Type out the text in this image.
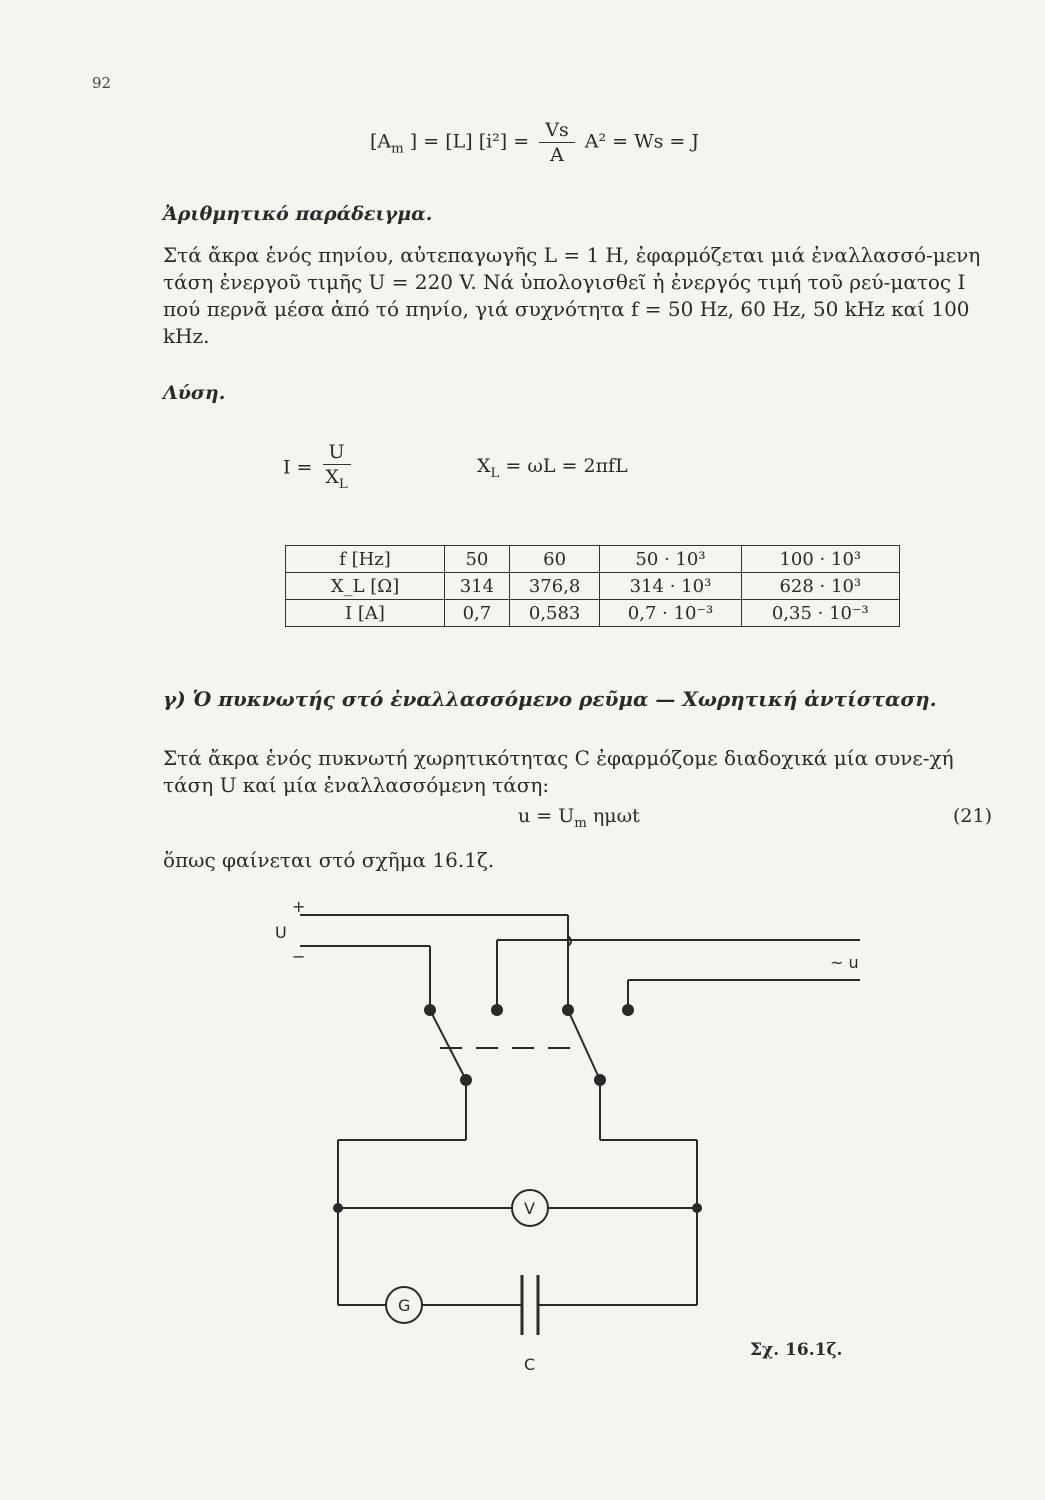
92
[$A_m$ ] = [L] $[i^2] = \frac{Vs}{A} A^2 = Ws = J$
Ἀριθμητικό παράδειγμα.
Στά ἄκρα ἑνός πηνίου, αὐτεπαγωγῆς L = 1 H, ἐφαρμόζεται μιά ἐναλλασσό-μενη τάση ἐνεργοῦ τιμῆς U = 220 V. Νά ὑπολογισθεῖ ἡ ἐνεργός τιμή τοῦ ρεύ-ματος I πού περνᾶ μέσα ἀπό τό πηνίο, γιά συχνότητα f = 50 Hz, 60 Hz, 50 kHz καί 100 kHz.
Λύση.
$I = \frac{U}{X_L}$	$X_L = \omega L = 2\pi fL$
f [Hz]	50	60	50 · 10³	100 · 10³
X_L [Ω]	314	376,8	314 · 10³	628 · 10³
I [A]	0,7	0,583	0,7 · 10⁻³	0,35 · 10⁻³
γ) Ὁ πυκνωτής στό ἐναλλασσόμενο ρεῦμα — Χωρητική ἀντίσταση.
Στά ἄκρα ἑνός πυκνωτή χωρητικότητας C ἐφαρμόζομε διαδοχικά μία συνε-χή τάση U καί μία ἐναλλασσόμενη τάση:
$u = U_m$ ημωt	(21)
ὅπως φαίνεται στό σχῆμα 16.1ζ.
+
U
−	~ u
V
G
C
Σχ. 16.1ζ.
